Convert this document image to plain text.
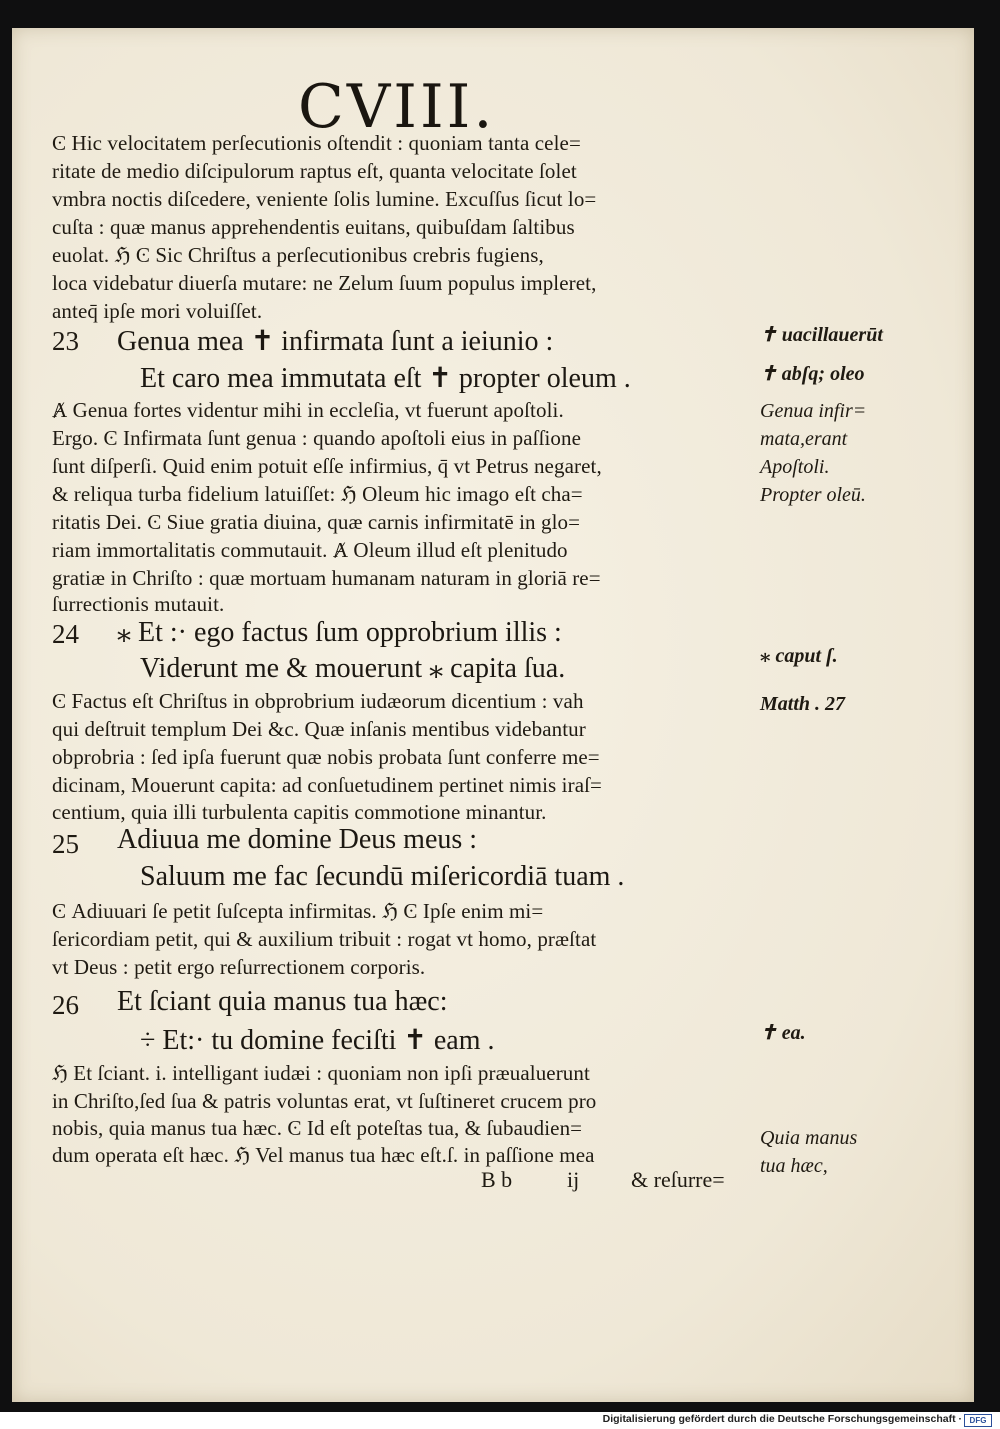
CVIII.
Ͼ Hic velocitatem perſecutionis oſtendit : quoniam tanta cele=
ritate de medio diſcipulorum raptus eſt, quanta velocitate ſolet
vmbra noctis diſcedere, veniente ſolis lumine. Excuſſus ſicut lo=
cuſta : quæ manus apprehendentis euitans, quibuſdam ſaltibus
euolat. ℌ Ͼ Sic Chriſtus a perſecutionibus crebris fugiens,
loca videbatur diuerſa mutare: ne Zelum ſuum populus impleret,
anteq̄ ipſe mori voluiſſet.
23 Genua mea ✝ infirmata ſunt a ieiunio :
Et caro mea immutata eſt ✝ propter oleum .
Ⱥ Genua fortes videntur mihi in eccleſia, vt fuerunt apoſtoli.
Ergo. Ͼ Infirmata ſunt genua : quando apoſtoli eius in paſſione
ſunt diſperſi. Quid enim potuit eſſe infirmius, q̄ vt Petrus negaret,
& reliqua turba fidelium latuiſſet: ℌ Oleum hic imago eſt cha=
ritatis Dei. Ͼ Siue gratia diuina, quæ carnis infirmitatē in glo=
riam immortalitatis commutauit. Ⱥ Oleum illud eſt plenitudo
gratiæ in Chriſto : quæ mortuam humanam naturam in gloriā re=
ſurrectionis mutauit.
24 ⁎ Et :· ego factus ſum opprobrium illis :
Viderunt me & mouerunt ⁎ capita ſua.
Ͼ Factus eſt Chriſtus in obprobrium iudæorum dicentium : vah
qui deſtruit templum Dei &c. Quæ inſanis mentibus videbantur
obprobria : ſed ipſa fuerunt quæ nobis probata ſunt conferre me=
dicinam, Mouerunt capita: ad conſuetudinem pertinet nimis iraſ=
centium, quia illi turbulenta capitis commotione minantur.
25 Adiuua me domine Deus meus :
Saluum me fac ſecundū miſericordiā tuam .
Ͼ Adiuuari ſe petit ſuſcepta infirmitas. ℌ Ͼ Ipſe enim mi=
ſericordiam petit, qui & auxilium tribuit : rogat vt homo, præſtat
vt Deus : petit ergo reſurrectionem corporis.
26 Et ſciant quia manus tua hæc:
÷ Et:· tu domine feciſti ✝ eam .
ℌ Et ſciant. i. intelligant iudæi : quoniam non ipſi præualuerunt
in Chriſto,ſed ſua & patris voluntas erat, vt ſuſtineret crucem pro
nobis, quia manus tua hæc. Ͼ Id eſt poteſtas tua, & ſubaudien=
dum operata eſt hæc. ℌ Vel manus tua hæc eſt.ſ. in paſſione mea
B b ij & reſurre=
✝ uacillauerūt
✝ abſq; oleo
Genua infir=
mata,erant
Apoſtoli.
Propter oleū.
⁎ caput ſ.
Matth . 27
✝ ea.
Quia manus
tua hæc,
Digitalisierung gefördert durch die Deutsche Forschungsgemeinschaft · DFG
